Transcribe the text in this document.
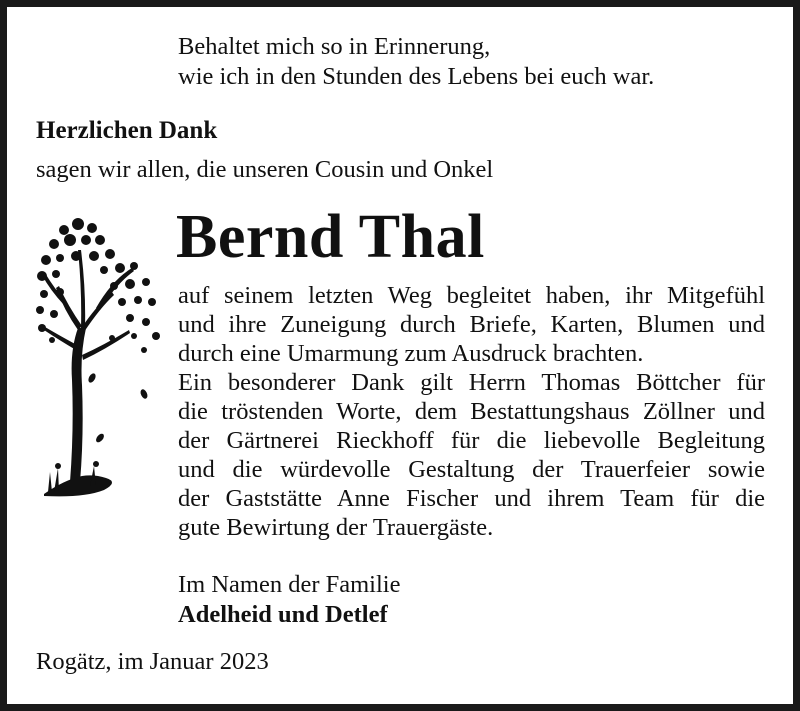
Behaltet mich so in Erinnerung,
wie ich in den Stunden des Lebens bei euch war.
Herzlichen Dank
sagen wir allen, die unseren Cousin und Onkel
Bernd Thal
auf seinem letzten Weg begleitet haben, ihr Mitgefühl
und ihre Zuneigung durch Briefe, Karten, Blumen und
durch eine Umarmung zum Ausdruck brachten.
Ein besonderer Dank gilt Herrn Thomas Böttcher für
die tröstenden Worte, dem Bestattungshaus Zöllner und
der Gärtnerei Rieckhoff für die liebevolle Begleitung
und die würdevolle Gestaltung der Trauerfeier sowie
der Gaststätte Anne Fischer und ihrem Team für die
gute Bewirtung der Trauergäste.
Im Namen der Familie
Adelheid und Detlef
Rogätz, im Januar 2023
